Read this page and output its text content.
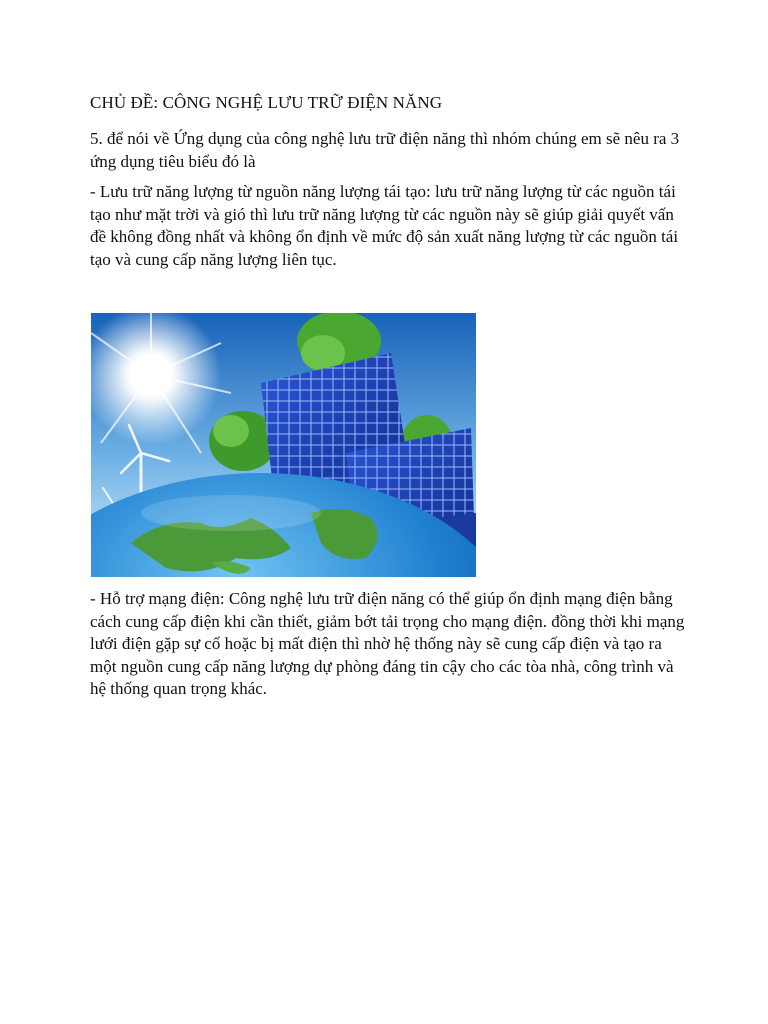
CHỦ ĐỀ: CÔNG NGHỆ LƯU TRỮ ĐIỆN NĂNG

5. để nói về Ứng dụng của công nghệ lưu trữ điện năng thì nhóm chúng em sẽ nêu ra 3 ứng dụng tiêu biểu đó là

- Lưu trữ năng lượng từ nguồn năng lượng tái tạo: lưu trữ năng lượng từ các nguồn tái tạo như mặt trời và gió thì lưu trữ năng lượng từ các nguồn này sẽ giúp giải quyết vấn đề không đồng nhất và không ổn định về mức độ sản xuất năng lượng từ các nguồn tái tạo và cung cấp năng lượng liên tục.

- Hỗ trợ mạng điện: Công nghệ lưu trữ điện năng có thể giúp ổn định mạng điện bằng cách cung cấp điện khi cần thiết, giảm bớt tải trọng cho mạng điện. đồng thời khi mạng lưới điện gặp sự cố hoặc bị mất điện thì nhờ hệ thống này sẽ cung cấp điện và tạo ra một nguồn cung cấp năng lượng dự phòng đáng tin cậy cho các tòa nhà, công trình và hệ thống quan trọng khác.
